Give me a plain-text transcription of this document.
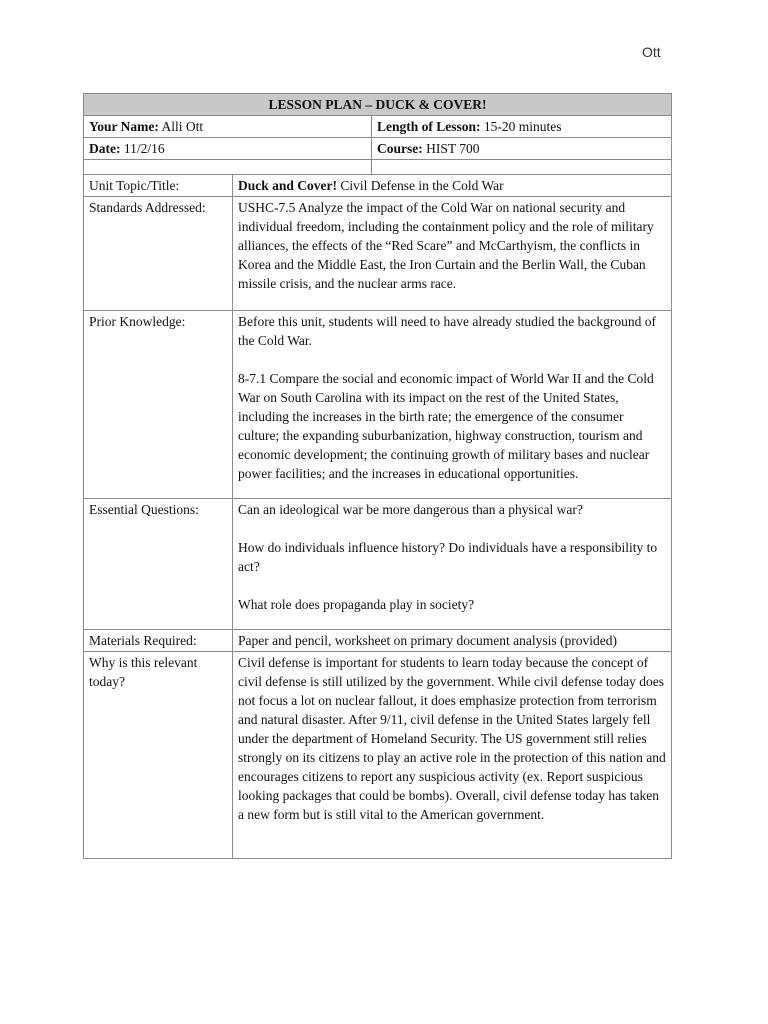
Ott
LESSON PLAN – DUCK & COVER!		
Your Name: Alli Ott		Length of Lesson: 15-20 minutes
Date: 11/2/16		Course: HIST 700

Unit Topic/Title:	Duck and Cover! Civil Defense in the Cold War	
Standards Addressed:	USHC-7.5 Analyze the impact of the Cold War on national security and individual freedom, including the containment policy and the role of military alliances, the effects of the “Red Scare” and McCarthyism, the conflicts in Korea and the Middle East, the Iron Curtain and the Berlin Wall, the Cuban missile crisis, and the nuclear arms race.	

Prior Knowledge:	Before this unit, students will need to have already studied the background of the Cold War.
8-7.1 Compare the social and economic impact of World War II and the Cold War on South Carolina with its impact on the rest of the United States, including the increases in the birth rate; the emergence of the consumer culture; the expanding suburbanization, highway construction, tourism and economic development; the continuing growth of military bases and nuclear power facilities; and the increases in educational opportunities.	

Essential Questions:	Can an ideological war be more dangerous than a physical war?
How do individuals influence history? Do individuals have a responsibility to act?
What role does propaganda play in society?	

Materials Required:	Paper and pencil, worksheet on primary document analysis (provided)	
Why is this relevant today?	Civil defense is important for students to learn today because the concept of civil defense is still utilized by the government. While civil defense today does not focus a lot on nuclear fallout, it does emphasize protection from terrorism and natural disaster. After 9/11, civil defense in the United States largely fell under the department of Homeland Security. The US government still relies strongly on its citizens to play an active role in the protection of this nation and encourages citizens to report any suspicious activity (ex. Report suspicious looking packages that could be bombs). Overall, civil defense today has taken a new form but is still vital to the American government.	
